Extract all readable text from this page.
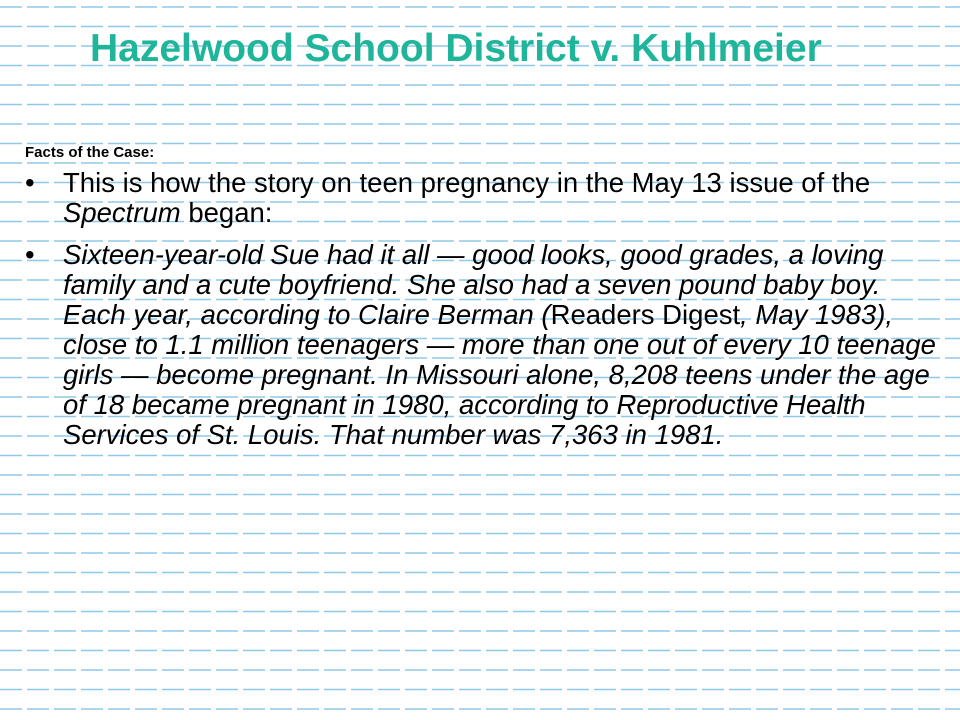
Hazelwood School District v. Kuhlmeier

Facts of the Case:

• This is how the story on teen pregnancy in the May 13 issue of the Spectrum began:
• Sixteen-year-old Sue had it all — good looks, good grades, a loving family and a cute boyfriend. She also had a seven pound baby boy. Each year, according to Claire Berman (Readers Digest, May 1983), close to 1.1 million teenagers — more than one out of every 10 teenage girls — become pregnant. In Missouri alone, 8,208 teens under the age of 18 became pregnant in 1980, according to Reproductive Health Services of St. Louis. That number was 7,363 in 1981.
